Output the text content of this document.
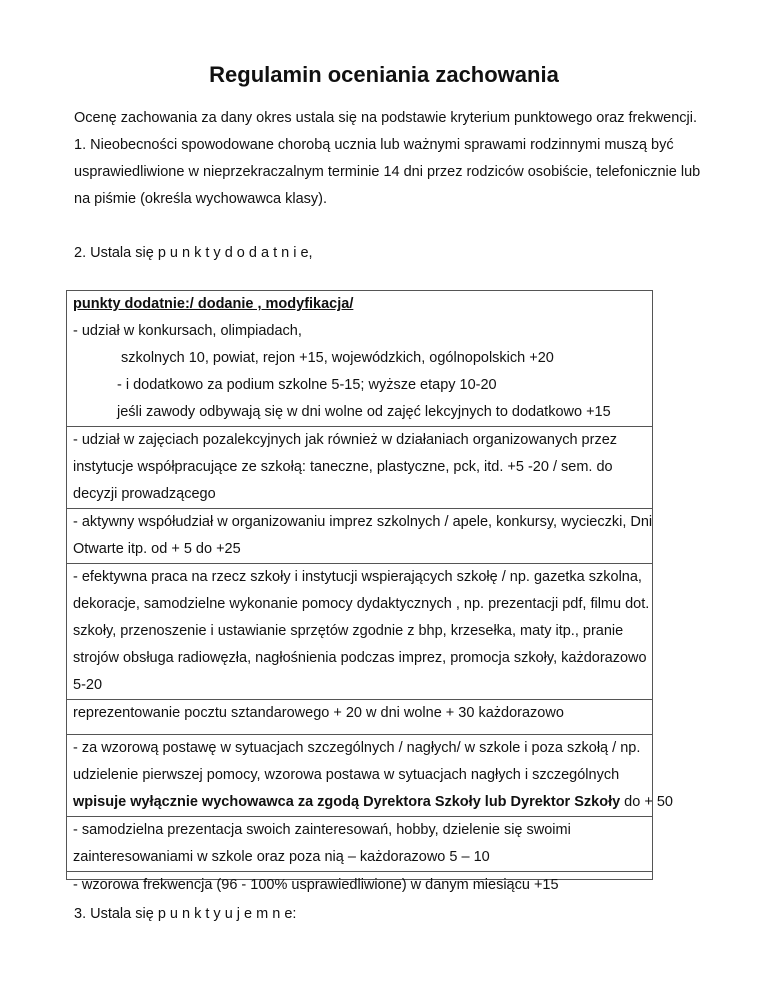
Regulamin oceniania zachowania

Ocenę zachowania za dany okres ustala się na podstawie kryterium punktowego oraz frekwencji.

1. Nieobecności spowodowane chorobą ucznia lub ważnymi sprawami rodzinnymi muszą być

usprawiedliwione w nieprzekraczalnym terminie 14 dni przez rodziców osobiście, telefonicznie lub

na piśmie (określa wychowawca klasy).

2. Ustala się p u n k t y d o d a t n i e,

punkty dodatnie:/ dodanie , modyfikacja/
- udział w konkursach, olimpiadach,
szkolnych 10, powiat, rejon +15, wojewódzkich, ogólnopolskich +20
- i dodatkowo za podium szkolne 5-15; wyższe etapy 10-20
jeśli zawody odbywają się w dni wolne od zajęć lekcyjnych to dodatkowo +15
- udział w zajęciach pozalekcyjnych jak również w działaniach organizowanych przez
instytucje współpracujące ze szkołą: taneczne, plastyczne, pck, itd. +5 -20 / sem. do
decyzji prowadzącego
- aktywny współudział w organizowaniu imprez szkolnych / apele, konkursy, wycieczki, Dni
Otwarte itp. od + 5 do +25
- efektywna praca na rzecz szkoły i instytucji wspierających szkołę / np. gazetka szkolna,
dekoracje, samodzielne wykonanie pomocy dydaktycznych , np. prezentacji pdf, filmu dot.
szkoły, przenoszenie i ustawianie sprzętów zgodnie z bhp, krzesełka, maty itp., pranie
strojów obsługa radiowęzła, nagłośnienia podczas imprez, promocja szkoły, każdorazowo
5-20
reprezentowanie pocztu sztandarowego + 20 w dni wolne + 30 każdorazowo
- za wzorową postawę w sytuacjach szczególnych / nagłych/ w szkole i poza szkołą / np.
udzielenie pierwszej pomocy, wzorowa postawa w sytuacjach nagłych i szczególnych
wpisuje wyłącznie wychowawca za zgodą Dyrektora Szkoły lub Dyrektor Szkoły do + 50
- samodzielna prezentacja swoich zainteresowań, hobby, dzielenie się swoimi
zainteresowaniami w szkole oraz poza nią – każdorazowo 5 – 10
- wzorowa frekwencja (96 - 100% usprawiedliwione) w danym miesiącu +15

3. Ustala się p u n k t y u j e m n e:
